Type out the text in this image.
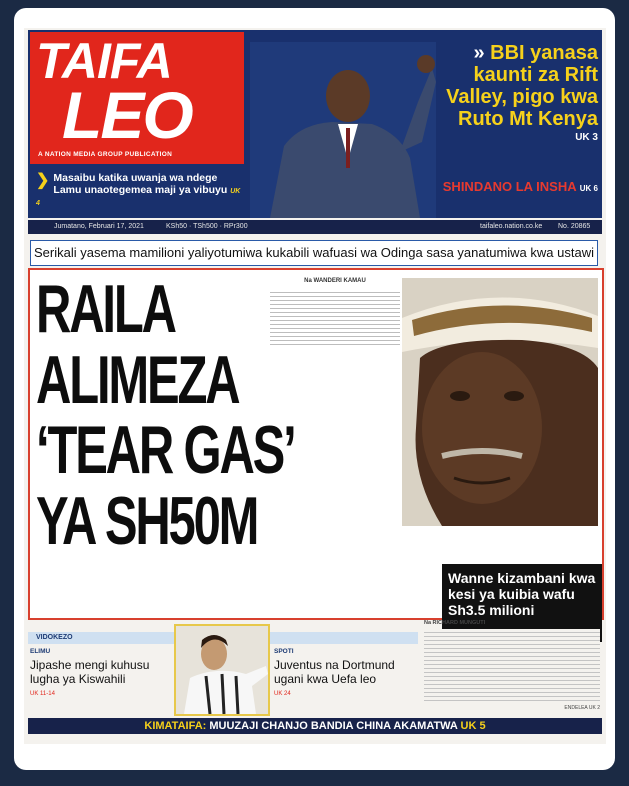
TAIFA
LEO
A NATION MEDIA GROUP PUBLICATION
❯ Masaibu katika uwanja wa ndege Lamu unaotegemea maji ya vibuyu UK 4
» BBI yanasa kaunti za Rift Valley, pigo kwa Ruto Mt Kenya
UK 3
SHINDANO LA INSHA UK 6
Jumatano, Februari 17, 2021	KSh50 · TSh500 · RPr300	taifaleo.nation.co.ke No. 20865
Serikali yasema mamilioni yaliyotumiwa kukabili wafuasi wa Odinga sasa yanatumiwa kwa ustawi
RAILA
ALIMEZA
‘TEAR GAS’
YA SH50M
Na WANDERI KAMAU

Wanne kizambani kwa kesi ya kuibia wafu Sh3.5 milioni
VIDOKEZO
ELIMU
Jipashe mengi kuhusu lugha ya Kiswahili
UK 11-14
SPOTI
Juventus na Dortmund ugani kwa Uefa leo
UK 24
Na RICHARD MUNGUTI

ENDELEA UK 2
KIMATAIFA: MUUZAJI CHANJO BANDIA CHINA AKAMATWA UK 5
